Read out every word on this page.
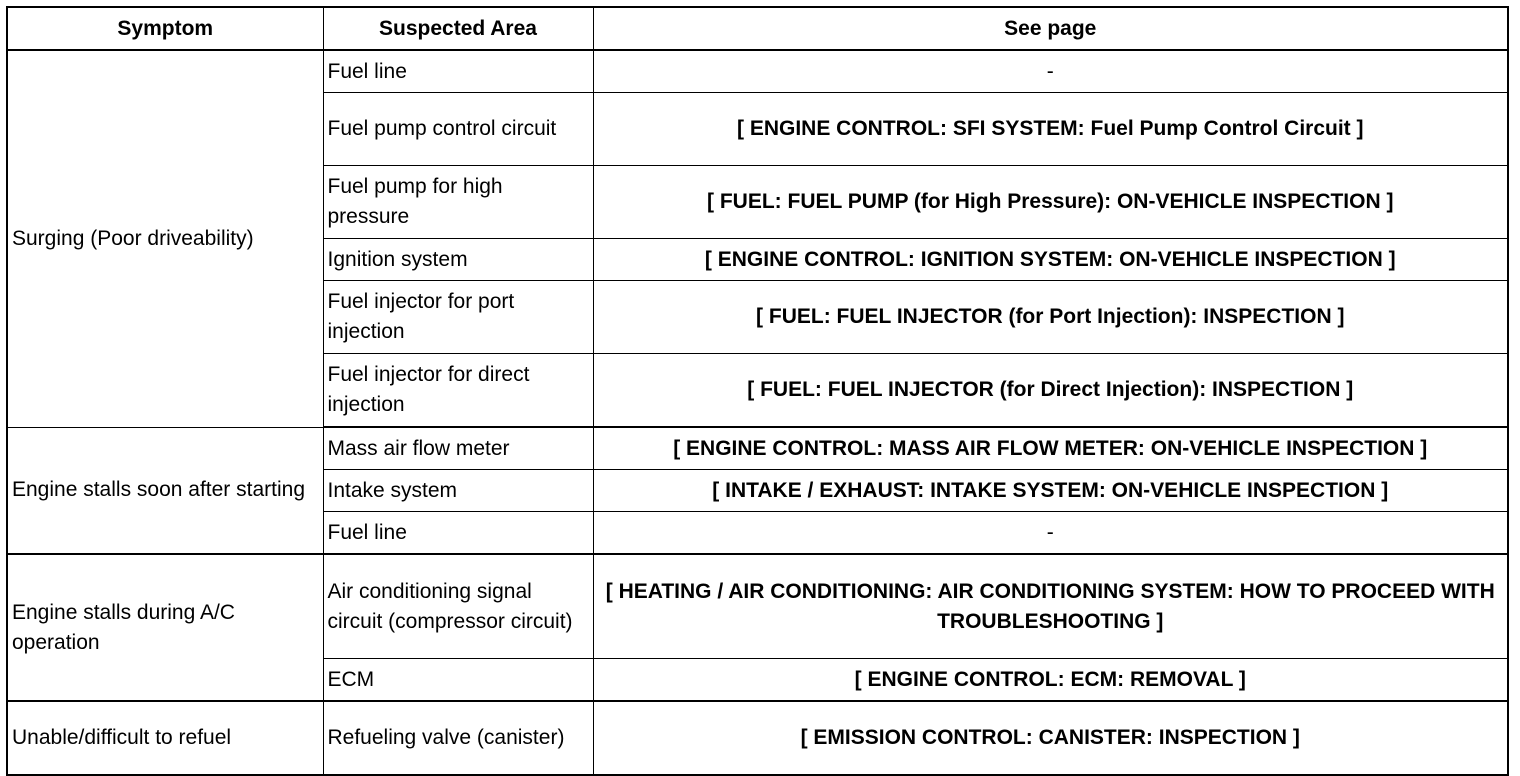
Symptom	Suspected Area	See page
Surging (Poor driveability)	Fuel line	-
	Fuel pump control circuit	[ ENGINE CONTROL: SFI SYSTEM: Fuel Pump Control Circuit ]
	Fuel pump for high pressure	[ FUEL: FUEL PUMP (for High Pressure): ON-VEHICLE INSPECTION ]
	Ignition system	[ ENGINE CONTROL: IGNITION SYSTEM: ON-VEHICLE INSPECTION ]
	Fuel injector for port injection	[ FUEL: FUEL INJECTOR (for Port Injection): INSPECTION ]
	Fuel injector for direct injection	[ FUEL: FUEL INJECTOR (for Direct Injection): INSPECTION ]
Engine stalls soon after starting	Mass air flow meter	[ ENGINE CONTROL: MASS AIR FLOW METER: ON-VEHICLE INSPECTION ]
	Intake system	[ INTAKE / EXHAUST: INTAKE SYSTEM: ON-VEHICLE INSPECTION ]
	Fuel line	-
Engine stalls during A/C operation	Air conditioning signal circuit (compressor circuit)	[ HEATING / AIR CONDITIONING: AIR CONDITIONING SYSTEM: HOW TO PROCEED WITH TROUBLESHOOTING ]
	ECM	[ ENGINE CONTROL: ECM: REMOVAL ]
Unable/difficult to refuel	Refueling valve (canister)	[ EMISSION CONTROL: CANISTER: INSPECTION ]
